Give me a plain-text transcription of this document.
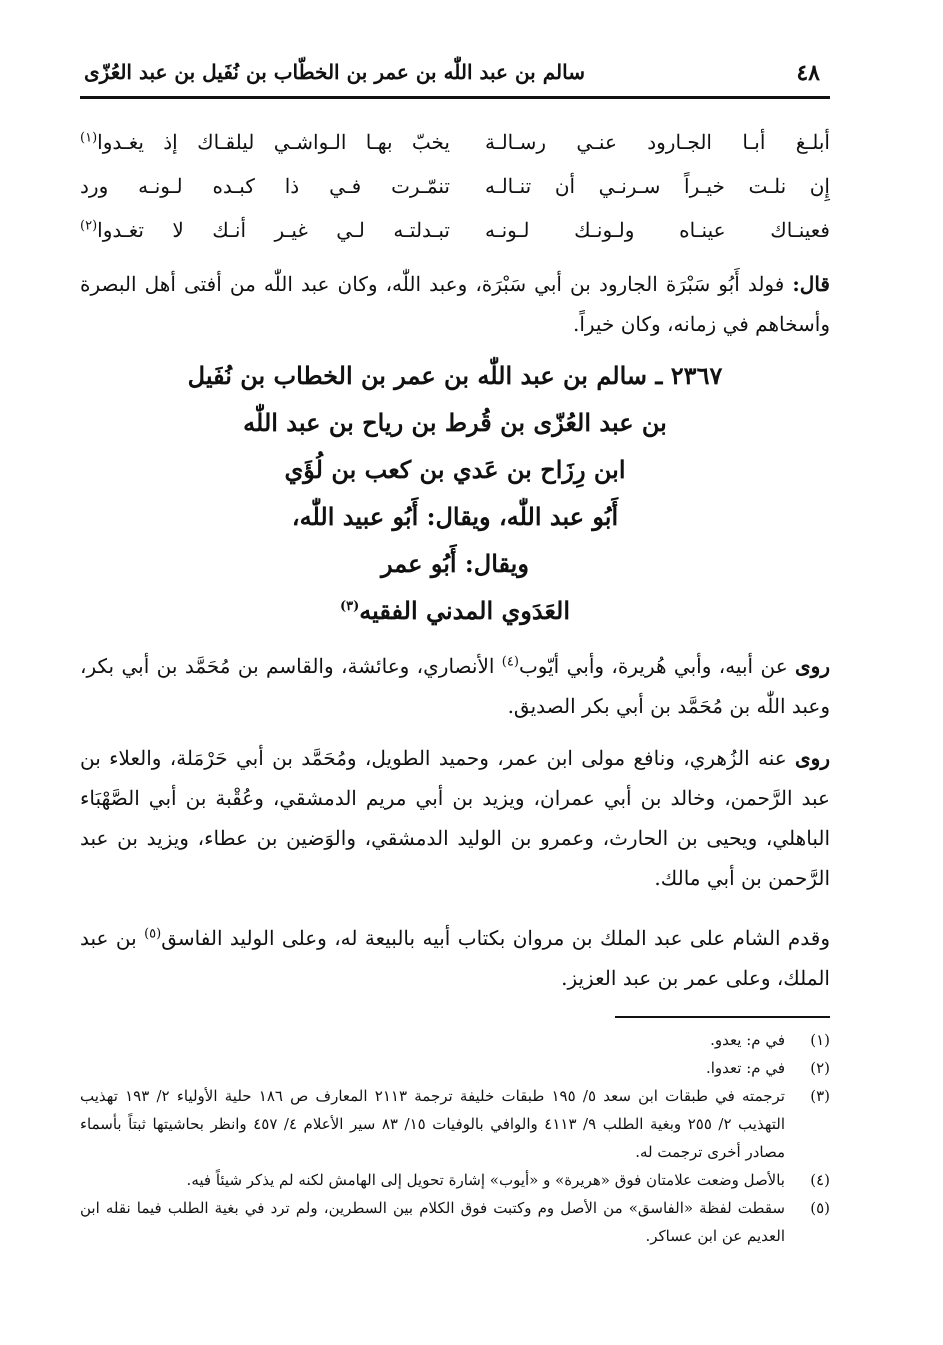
٤٨
سالم بن عبد اللّٰه بن عمر بن الخطّاب بن نُفَيل بن عبد العُزّى
أبلـغ أبـا الجـارود عنـي رسـالـة
يخبّ بهـا الـواشـي ليلقـاك إذ يغـدوا$^{(١)}$
إِن نلـت خيـراً سـرنـي أن تنـالـه
تنمّـرت فـي ذا كبـده لـونـه ورد
فعينـاك عينـاه ولـونـك لـونـه
تبـدلتـه لـي غيـر أنـك لا تغـدوا$^{(٢)}$

قال: فولد أَبُو سَبْرَة الجارود بن أبي سَبْرَة، وعبد اللّٰه، وكان عبد اللّٰه من أفتى أهل البصرة وأسخاهم في زمانه، وكان خيراً.

٢٣٦٧ ـ سالم بن عبد اللّٰه بن عمر بن الخطاب بن نُفَيل
بن عبد العُزّى بن قُرط بن رياح بن عبد اللّٰه
ابن رِزَاح بن عَدي بن كعب بن لُؤَي
أَبُو عبد اللّٰه، ويقال: أَبُو عبيد اللّٰه،
ويقال: أَبُو عمر
العَدَوي المدني الفقيه$^{(٣)}$

روى عن أبيه، وأبي هُريرة، وأبي أيّوب$^{(٤)}$ الأنصاري، وعائشة، والقاسم بن مُحَمَّد بن أبي بكر، وعبد اللّٰه بن مُحَمَّد بن أبي بكر الصديق.

روى عنه الزُهري، ونافع مولى ابن عمر، وحميد الطويل، ومُحَمَّد بن أبي حَرْمَلة، والعلاء بن عبد الرَّحمن، وخالد بن أبي عمران، ويزيد بن أبي مريم الدمشقي، وعُقْبة بن أبي الصَّهْبَاء الباهلي، ويحيى بن الحارث، وعمرو بن الوليد الدمشقي، والوَضين بن عطاء، ويزيد بن عبد الرَّحمن بن أبي مالك.

وقدم الشام على عبد الملك بن مروان بكتاب أبيه بالبيعة له، وعلى الوليد الفاسق$^{(٥)}$ بن عبد الملك، وعلى عمر بن عبد العزيز.

(١)
في م: يعدو.
(٢)
في م: تعدوا.
(٣)
ترجمته في طبقات ابن سعد ٥/ ١٩٥ طبقات خليفة ترجمة ٢١١٣ المعارف ص ١٨٦ حلية الأولياء ٢/ ١٩٣ تهذيب التهذيب ٢/ ٢٥٥ وبغية الطلب ٩/ ٤١١٣ والوافي بالوفيات ١٥/ ٨٣ سير الأعلام ٤/ ٤٥٧ وانظر بحاشيتها ثبتاً بأسماء مصادر أخرى ترجمت له.
(٤)
بالأصل وضعت علامتان فوق «هريرة» و «أيوب» إشارة تحويل إلى الهامش لكنه لم يذكر شيئاً فيه.
(٥)
سقطت لفظة «الفاسق» من الأصل وم وكتبت فوق الكلام بين السطرين، ولم ترد في بغية الطلب فيما نقله ابن العديم عن ابن عساكر.
